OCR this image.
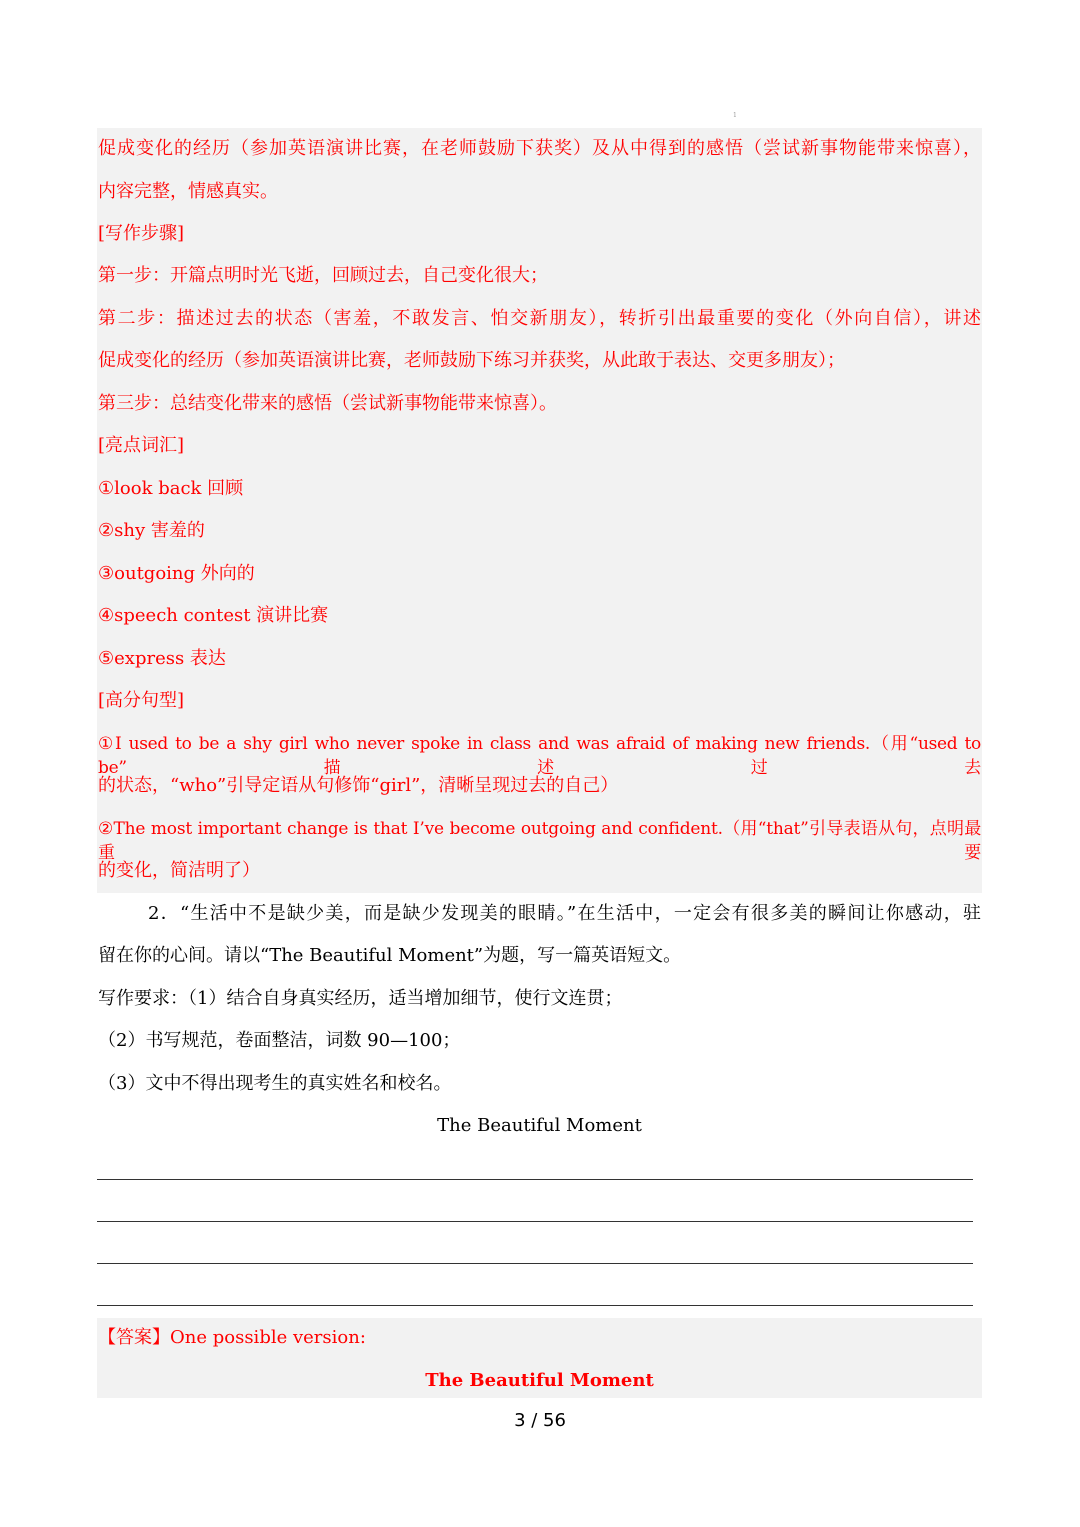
1
促成变化的经历（参加英语演讲比赛，在老师鼓励下获奖）及从中得到的感悟（尝试新事物能带来惊喜），
内容完整，情感真实。
[写作步骤]
第一步：开篇点明时光飞逝，回顾过去，自己变化很大；
第二步：描述过去的状态（害羞，不敢发言、怕交新朋友），转折引出最重要的变化（外向自信），讲述
促成变化的经历（参加英语演讲比赛，老师鼓励下练习并获奖，从此敢于表达、交更多朋友）；
第三步：总结变化带来的感悟（尝试新事物能带来惊喜）。
[亮点词汇]
①look back 回顾
②shy 害羞的
③outgoing 外向的
④speech contest 演讲比赛
⑤express 表达
[高分句型]
①I used to be a shy girl who never spoke in class and was afraid of making new friends.（用“used to be”描述过去
的状态，“who”引导定语从句修饰“girl”，清晰呈现过去的自己）
②The most important change is that I’ve become outgoing and confident.（用“that”引导表语从句，点明最重要
的变化，简洁明了）
2．“生活中不是缺少美，而是缺少发现美的眼睛。”在生活中，一定会有很多美的瞬间让你感动，驻
留在你的心间。请以“The Beautiful Moment”为题，写一篇英语短文。
写作要求：（1）结合自身真实经历，适当增加细节，使行文连贯；
（2）书写规范，卷面整洁，词数 90—100；
（3）文中不得出现考生的真实姓名和校名。
The Beautiful Moment
【答案】One possible version:
The Beautiful Moment
3 / 56
